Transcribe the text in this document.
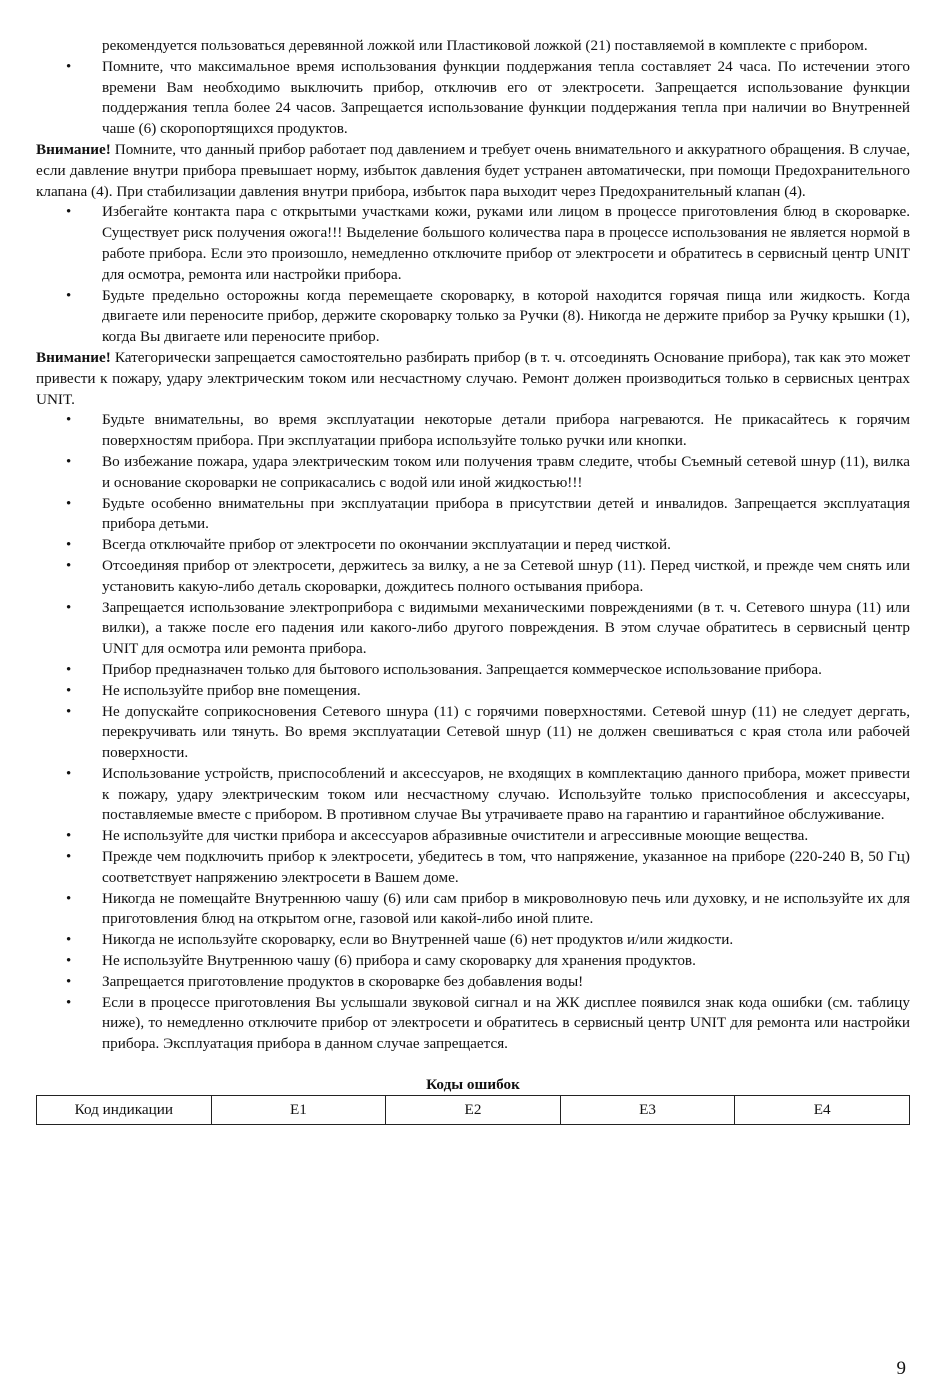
рекомендуется пользоваться деревянной ложкой или Пластиковой ложкой (21) поставляемой в комплекте с прибором.
• Помните, что максимальное время использования функции поддержания тепла составляет 24 часа. По истечении этого времени Вам необходимо выключить прибор, отключив его от электросети. Запрещается использование функции поддержания тепла более 24 часов. Запрещается использование функции поддержания тепла при наличии во Внутренней чаше (6) скоропортящихся продуктов.
Внимание! Помните, что данный прибор работает под давлением и требует очень внимательного и аккуратного обращения. В случае, если давление внутри прибора превышает норму, избыток давления будет устранен автоматически, при помощи Предохранительного клапана (4). При стабилизации давления внутри прибора, избыток пара выходит через Предохранительный клапан (4).
• Избегайте контакта пара с открытыми участками кожи, руками или лицом в процессе приготовления блюд в скороварке. Существует риск получения ожога!!! Выделение большого количества пара в процессе использования не является нормой в работе прибора. Если это произошло, немедленно отключите прибор от электросети и обратитесь в сервисный центр UNIT для осмотра, ремонта или настройки прибора.
• Будьте предельно осторожны когда перемещаете скороварку, в которой находится горячая пища или жидкость. Когда двигаете или переносите прибор, держите скороварку только за Ручки (8). Никогда не держите прибор за Ручку крышки (1), когда Вы двигаете или переносите прибор.
Внимание! Категорически запрещается самостоятельно разбирать прибор (в т. ч. отсоединять Основание прибора), так как это может привести к пожару, удару электрическим током или несчастному случаю. Ремонт должен производиться только в сервисных центрах UNIT.
• Будьте внимательны, во время эксплуатации некоторые детали прибора нагреваются. Не прикасайтесь к горячим поверхностям прибора. При эксплуатации прибора используйте только ручки или кнопки.
• Во избежание пожара, удара электрическим током или получения травм следите, чтобы Съемный сетевой шнур (11), вилка и основание скороварки не соприкасались с водой или иной жидкостью!!!
• Будьте особенно внимательны при эксплуатации прибора в присутствии детей и инвалидов. Запрещается эксплуатация прибора детьми.
• Всегда отключайте прибор от электросети по окончании эксплуатации и перед чисткой.
• Отсоединяя прибор от электросети, держитесь за вилку, а не за Сетевой шнур (11). Перед чисткой, и прежде чем снять или установить какую-либо деталь скороварки, дождитесь полного остывания прибора.
• Запрещается использование электроприбора с видимыми механическими повреждениями (в т. ч. Сетевого шнура (11) или вилки), а также после его падения или какого-либо другого повреждения. В этом случае обратитесь в сервисный центр UNIT для осмотра или ремонта прибора.
• Прибор предназначен только для бытового использования. Запрещается коммерческое использование прибора.
• Не используйте прибор вне помещения.
• Не допускайте соприкосновения Сетевого шнура (11) с горячими поверхностями. Сетевой шнур (11) не следует дергать, перекручивать или тянуть. Во время эксплуатации Сетевой шнур (11) не должен свешиваться с края стола или рабочей поверхности.
• Использование устройств, приспособлений и аксессуаров, не входящих в комплектацию данного прибора, может привести к пожару, удару электрическим током или несчастному случаю. Используйте только приспособления и аксессуары, поставляемые вместе с прибором. В противном случае Вы утрачиваете право на гарантию и гарантийное обслуживание.
• Не используйте для чистки прибора и аксессуаров абразивные очистители и агрессивные моющие вещества.
• Прежде чем подключить прибор к электросети, убедитесь в том, что напряжение, указанное на приборе (220-240 В, 50 Гц) соответствует напряжению электросети в Вашем доме.
• Никогда не помещайте Внутреннюю чашу (6) или сам прибор в микроволновую печь или духовку, и не используйте их для приготовления блюд на открытом огне, газовой или какой-либо иной плите.
• Никогда не используйте скороварку, если во Внутренней чаше (6) нет продуктов и/или жидкости.
• Не используйте Внутреннюю чашу (6) прибора и саму скороварку для хранения продуктов.
• Запрещается приготовление продуктов в скороварке без добавления воды!
• Если в процессе приготовления Вы услышали звуковой сигнал и на ЖК дисплее появился знак кода ошибки (см. таблицу ниже), то немедленно отключите прибор от электросети и обратитесь в сервисный центр UNIT для ремонта или настройки прибора. Эксплуатация прибора в данном случае запрещается.
Коды ошибок
Код индикации	E1	E2	E3	E4
9
